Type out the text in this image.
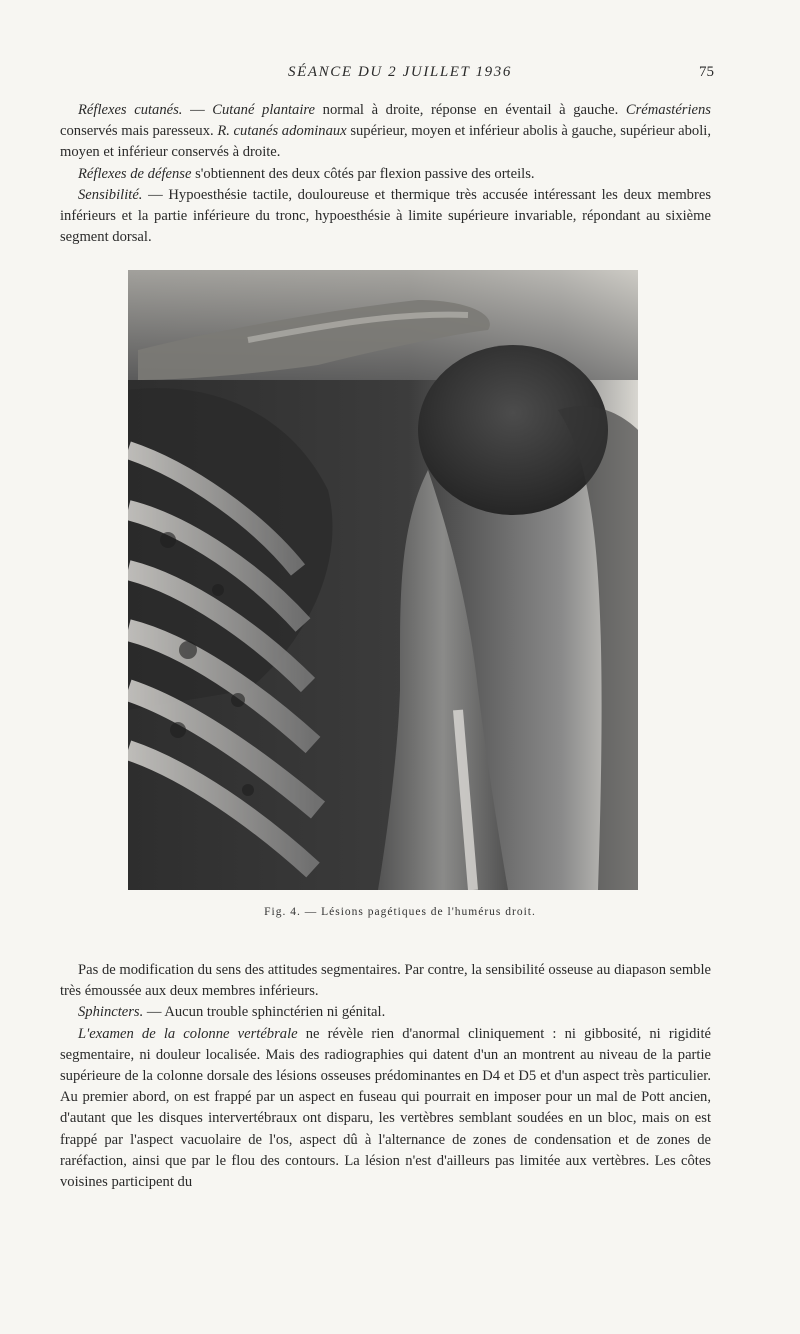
SÉANCE DU 2 JUILLET 1936	75

Réflexes cutanés. — Cutané plantaire normal à droite, réponse en éventail à gauche. Crémastériens conservés mais paresseux. R. cutanés adominaux supérieur, moyen et inférieur abolis à gauche, supérieur aboli, moyen et inférieur conservés à droite.

Réflexes de défense s'obtiennent des deux côtés par flexion passive des orteils.

Sensibilité. — Hypoesthésie tactile, douloureuse et thermique très accusée intéressant les deux membres inférieurs et la partie inférieure du tronc, hypoesthésie à limite supérieure invariable, répondant au sixième segment dorsal.

Fig. 4. — Lésions pagétiques de l'humérus droit.

Pas de modification du sens des attitudes segmentaires. Par contre, la sensibilité osseuse au diapason semble très émoussée aux deux membres inférieurs.

Sphincters. — Aucun trouble sphinctérien ni génital.

L'examen de la colonne vertébrale ne révèle rien d'anormal cliniquement : ni gibbosité, ni rigidité segmentaire, ni douleur localisée. Mais des radiographies qui datent d'un an montrent au niveau de la partie supérieure de la colonne dorsale des lésions osseuses prédominantes en D4 et D5 et d'un aspect très particulier. Au premier abord, on est frappé par un aspect en fuseau qui pourrait en imposer pour un mal de Pott ancien, d'autant que les disques intervertébraux ont disparu, les vertèbres semblant soudées en un bloc, mais on est frappé par l'aspect vacuolaire de l'os, aspect dû à l'alternance de zones de condensation et de zones de raréfaction, ainsi que par le flou des contours. La lésion n'est d'ailleurs pas limitée aux vertèbres. Les côtes voisines participent du
